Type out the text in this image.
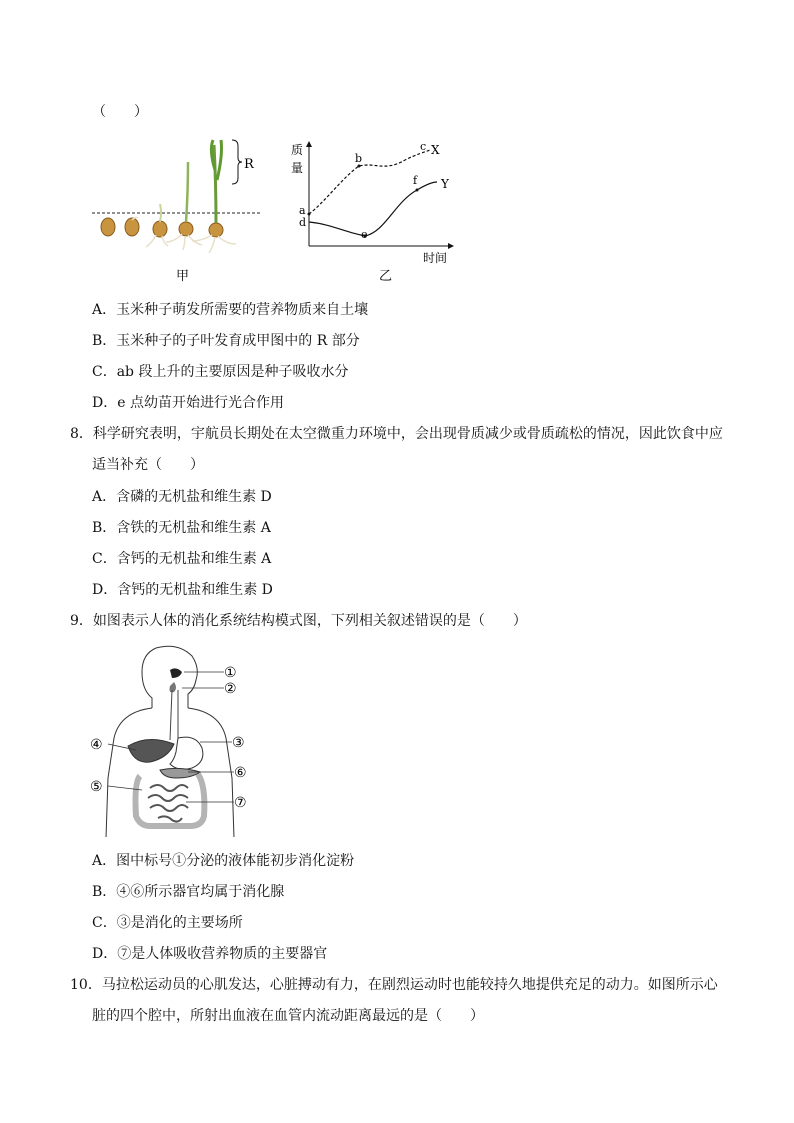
（　　）
R
甲
质
量
时间
a
d
b
c X
e
f Y
乙
A．玉米种子萌发所需要的营养物质来自土壤
B．玉米种子的子叶发育成甲图中的 R 部分
C．ab 段上升的主要原因是种子吸收水分
D．e 点幼苗开始进行光合作用
8．科学研究表明，宇航员长期处在太空微重力环境中，会出现骨质减少或骨质疏松的情况，因此饮食中应
适当补充（　　）
A．含磷的无机盐和维生素 D
B．含铁的无机盐和维生素 A
C．含钙的无机盐和维生素 A
D．含钙的无机盐和维生素 D
9．如图表示人体的消化系统结构模式图，下列相关叙述错误的是（　　）
①
②
③
④
⑤
⑥
⑦
A．图中标号①分泌的液体能初步消化淀粉
B．④⑥所示器官均属于消化腺
C．③是消化的主要场所
D．⑦是人体吸收营养物质的主要器官
10．马拉松运动员的心肌发达，心脏搏动有力，在剧烈运动时也能较持久地提供充足的动力。如图所示心
脏的四个腔中，所射出血液在血管内流动距离最远的是（　　）
